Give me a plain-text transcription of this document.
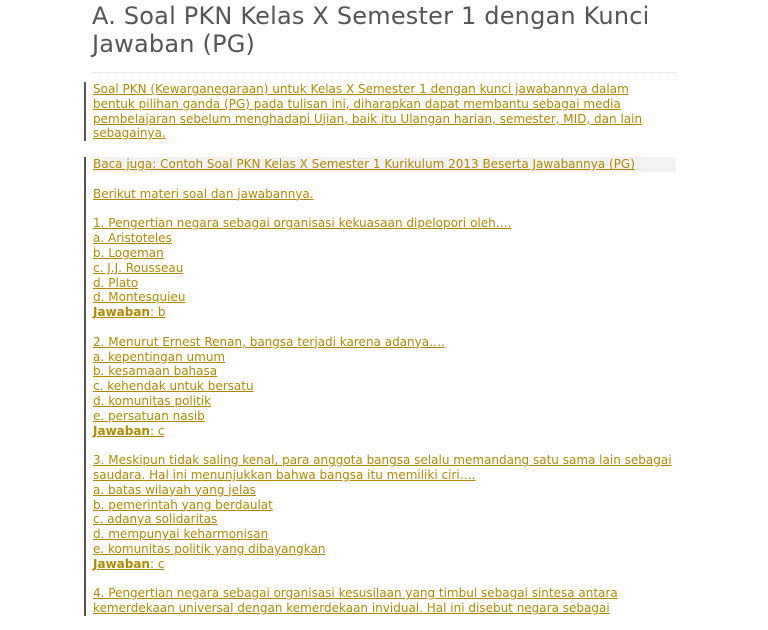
A. Soal PKN Kelas X Semester 1 dengan Kunci Jawaban (PG)

Soal PKN (Kewarganegaraan) untuk Kelas X Semester 1 dengan kunci jawabannya dalam bentuk pilihan ganda (PG) pada tulisan ini, diharapkan dapat membantu sebagai media pembelajaran sebelum menghadapi Ujian, baik itu Ulangan harian, semester, MID, dan lain sebagainya.

Baca juga: Contoh Soal PKN Kelas X Semester 1 Kurikulum 2013 Beserta Jawabannya (PG)

Berikut materi soal dan jawabannya.
1. Pengertian negara sebagai organisasi kekuasaan dipelopori oleh….
a. Aristoteles
b. Logeman
c. J.J. Rousseau
d. Plato
d. Montesquieu
Jawaban: b
2. Menurut Ernest Renan, bangsa terjadi karena adanya….
a. kepentingan umum
b. kesamaan bahasa
c. kehendak untuk bersatu
d. komunitas politik
e. persatuan nasib
Jawaban: c
3. Meskipun tidak saling kenal, para anggota bangsa selalu memandang satu sama lain sebagai saudara. Hal ini menunjukkan bahwa bangsa itu memiliki ciri….
a. batas wilayah yang jelas
b. pemerintah yang berdaulat
c. adanya solidaritas
d. mempunyai keharmonisan
e. komunitas politik yang dibayangkan
Jawaban: c
4. Pengertian negara sebagai organisasi kesusilaan yang timbul sebagai sintesa antara kemerdekaan universal dengan kemerdekaan invidual. Hal ini disebut negara sebagai
